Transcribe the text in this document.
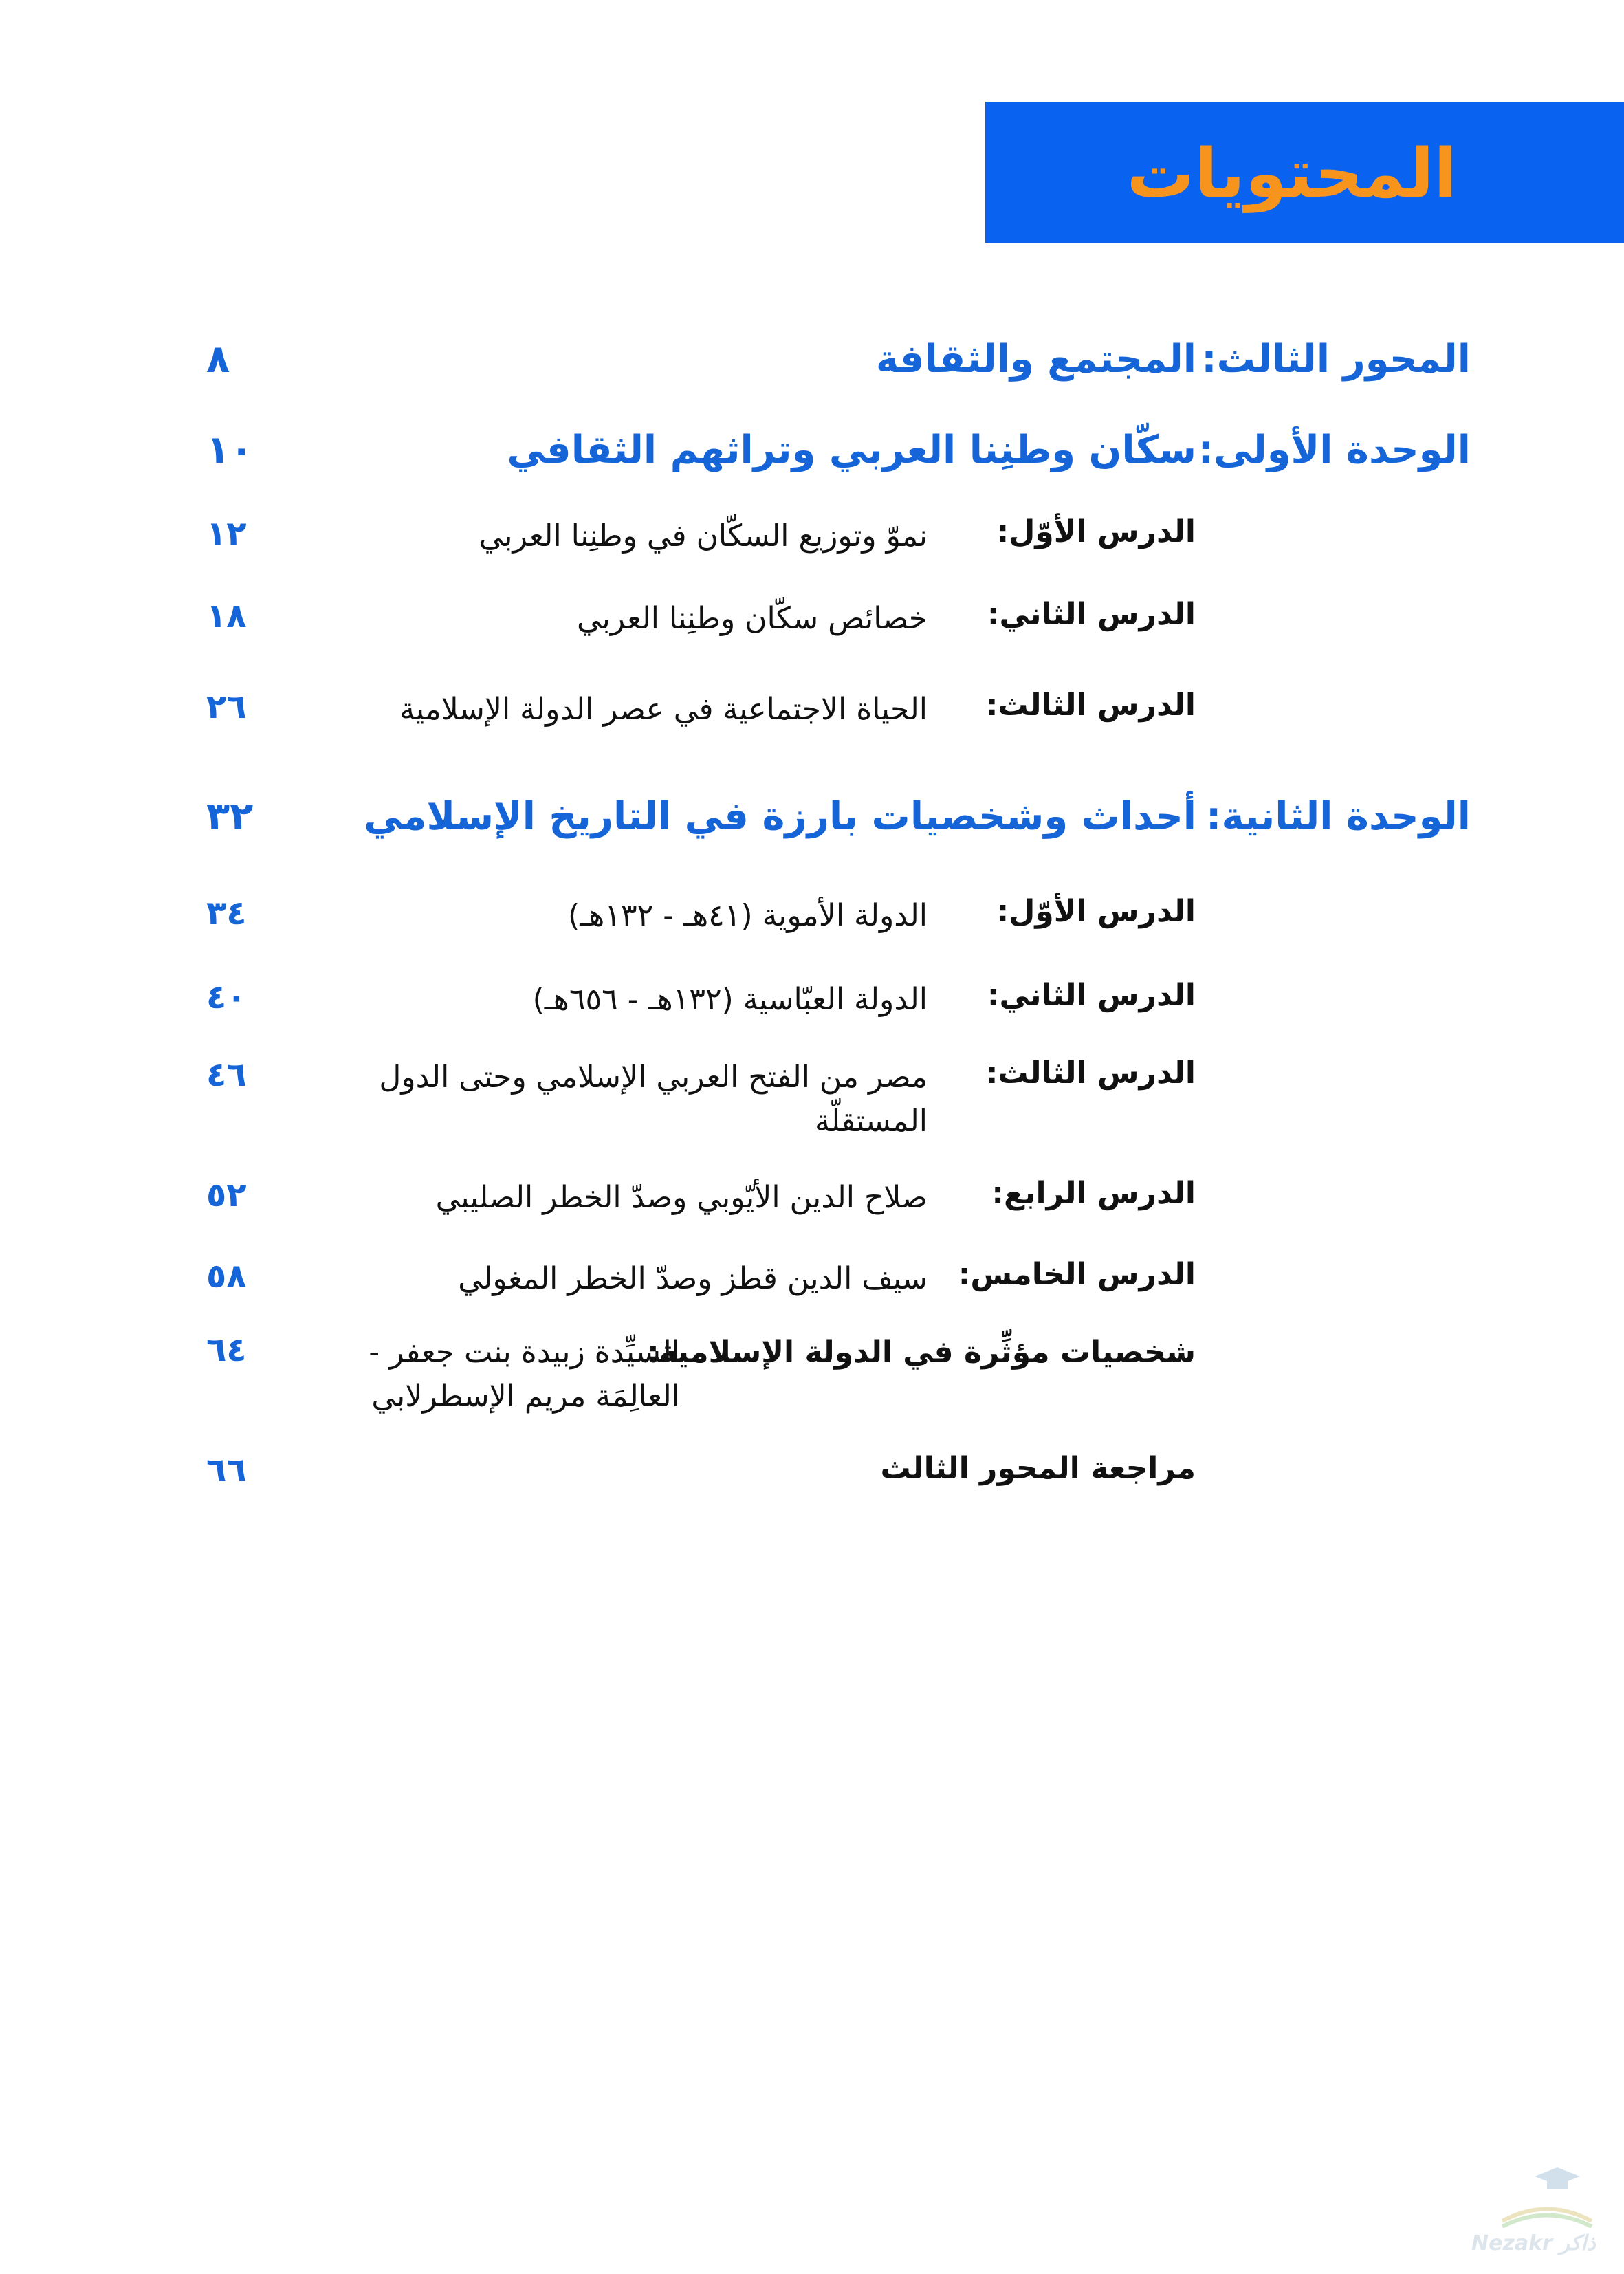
المحتويات
المحور الثالث:
المجتمع والثقافة
٨
الوحدة الأولى:
سكّان وطنِنا العربي وتراثهم الثقافي
١٠
الدرس الأوّل:
نموّ وتوزيع السكّان في وطنِنا العربي
١٢
الدرس الثاني:
خصائص سكّان وطنِنا العربي
١٨
الدرس الثالث:
الحياة الاجتماعية في عصر الدولة الإسلامية
٢٦
الوحدة الثانية:
أحداث وشخصيات بارزة في التاريخ الإسلامي
٣٢
الدرس الأوّل:
الدولة الأموية (٤١هـ - ١٣٢هـ)
٣٤
الدرس الثاني:
الدولة العبّاسية (١٣٢هـ - ٦٥٦هـ)
٤٠
الدرس الثالث:
مصر من الفتح العربي الإسلامي وحتى الدول
المستقلّة
٤٦
الدرس الرابع:
صلاح الدين الأيّوبي وصدّ الخطر الصليبي
٥٢
الدرس الخامس:
سيف الدين قطز وصدّ الخطر المغولي
٥٨
شخصيات مؤثِّرة في الدولة الإسلامية:
السيِّدة زبيدة بنت جعفر -
العالِمَة مريم الإسطرلابي
٦٤
مراجعة المحور الثالث
٦٦
Nezakr ذاكر
